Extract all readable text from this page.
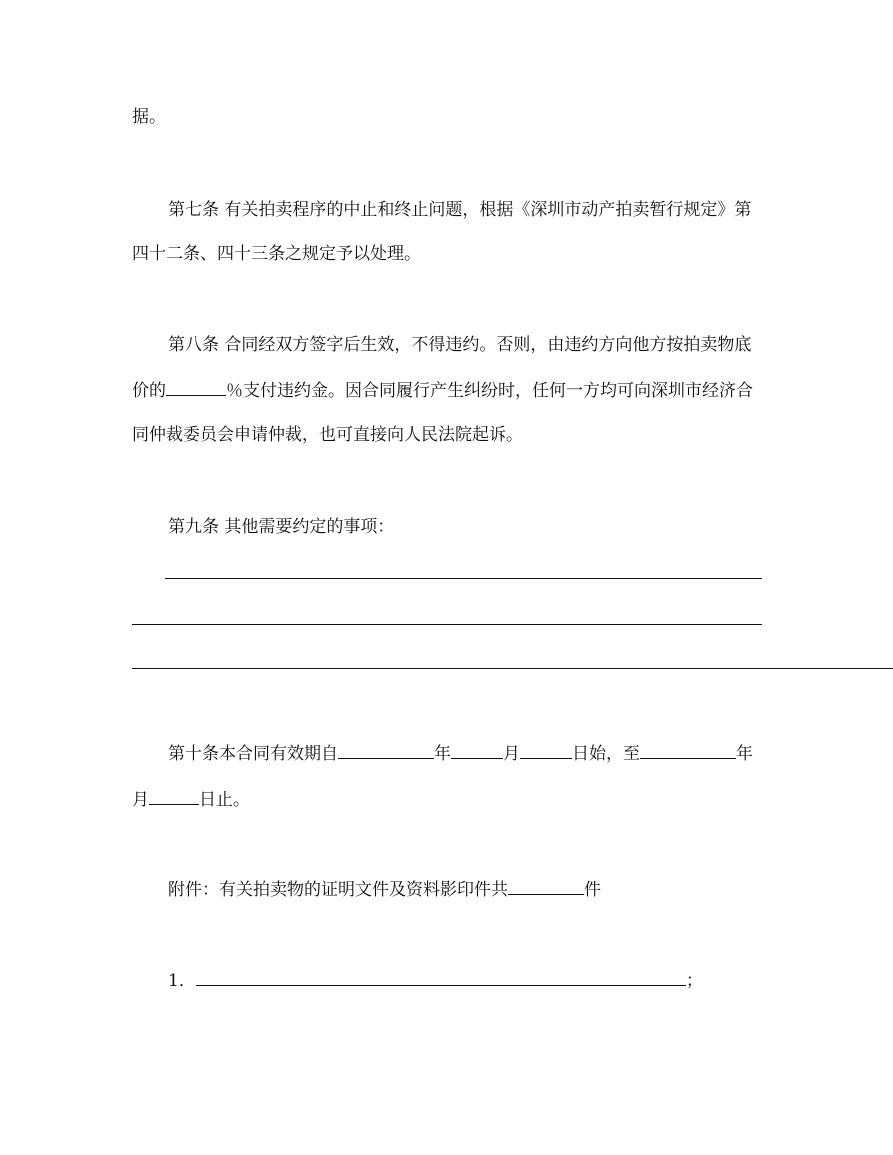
据。
第七条 有关拍卖程序的中止和终止问题，根据《深圳市动产拍卖暂行规定》第
四十二条、四十三条之规定予以处理。
第八条 合同经双方签字后生效，不得违约。否则，由违约方向他方按拍卖物底
价的	％支付违约金。因合同履行产生纠纷时，任何一方均可向深圳市经济合
同仲裁委员会申请仲裁，也可直接向人民法院起诉。
第九条 其他需要约定的事项：
第十条本合同有效期自	年	月	日始，至	年
月	日止。
附件：有关拍卖物的证明文件及资料影印件共	件
1．	；
